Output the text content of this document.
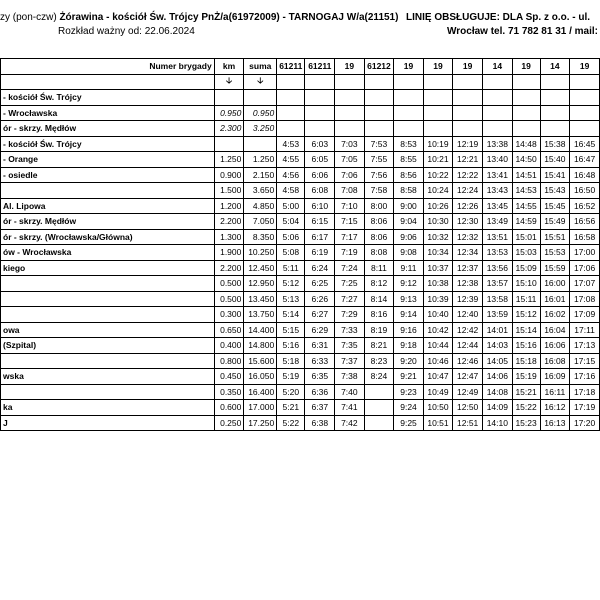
zy (pon-czw) Żórawina - kościół Św. Trójcy PnŻ/a(61972009) - TARNOGAJ W/a(21151)
Rozkład ważny od: 22.06.2024
LINIĘ OBSŁUGUJE: DLA Sp. z o.o. - ul.
Wrocław tel. 71 782 81 31 / mail:
Numer brygady	km	suma	61211	61211	19	61212	19	19	19	14	19	14	19
	🡣	🡣											
- kościół Św. Trójcy													
- Wrocławska	0.950	0.950											
ór - skrzy. Mędłów	2.300	3.250											
- kościół Św. Trójcy			4:53	6:03	7:03	7:53	8:53	10:19	12:19	13:38	14:48	15:38	16:45
- Orange	1.250	1.250	4:55	6:05	7:05	7:55	8:55	10:21	12:21	13:40	14:50	15:40	16:47
- osiedle	0.900	2.150	4:56	6:06	7:06	7:56	8:56	10:22	12:22	13:41	14:51	15:41	16:48
	1.500	3.650	4:58	6:08	7:08	7:58	8:58	10:24	12:24	13:43	14:53	15:43	16:50
Al. Lipowa	1.200	4.850	5:00	6:10	7:10	8:00	9:00	10:26	12:26	13:45	14:55	15:45	16:52
ór - skrzy. Mędłów	2.200	7.050	5:04	6:15	7:15	8:06	9:04	10:30	12:30	13:49	14:59	15:49	16:56
ór - skrzy. (Wrocławska/Główna)	1.300	8.350	5:06	6:17	7:17	8:06	9:06	10:32	12:32	13:51	15:01	15:51	16:58
ów - Wrocławska	1.900	10.250	5:08	6:19	7:19	8:08	9:08	10:34	12:34	13:53	15:03	15:53	17:00
kiego	2.200	12.450	5:11	6:24	7:24	8:11	9:11	10:37	12:37	13:56	15:09	15:59	17:06
	0.500	12.950	5:12	6:25	7:25	8:12	9:12	10:38	12:38	13:57	15:10	16:00	17:07
	0.500	13.450	5:13	6:26	7:27	8:14	9:13	10:39	12:39	13:58	15:11	16:01	17:08
	0.300	13.750	5:14	6:27	7:29	8:16	9:14	10:40	12:40	13:59	15:12	16:02	17:09
owa	0.650	14.400	5:15	6:29	7:33	8:19	9:16	10:42	12:42	14:01	15:14	16:04	17:11
(Szpital)	0.400	14.800	5:16	6:31	7:35	8:21	9:18	10:44	12:44	14:03	15:16	16:06	17:13
	0.800	15.600	5:18	6:33	7:37	8:23	9:20	10:46	12:46	14:05	15:18	16:08	17:15
wska	0.450	16.050	5:19	6:35	7:38	8:24	9:21	10:47	12:47	14:06	15:19	16:09	17:16
	0.350	16.400	5:20	6:36	7:40		9:23	10:49	12:49	14:08	15:21	16:11	17:18
ka	0.600	17.000	5:21	6:37	7:41		9:24	10:50	12:50	14:09	15:22	16:12	17:19
J	0.250	17.250	5:22	6:38	7:42		9:25	10:51	12:51	14:10	15:23	16:13	17:20
